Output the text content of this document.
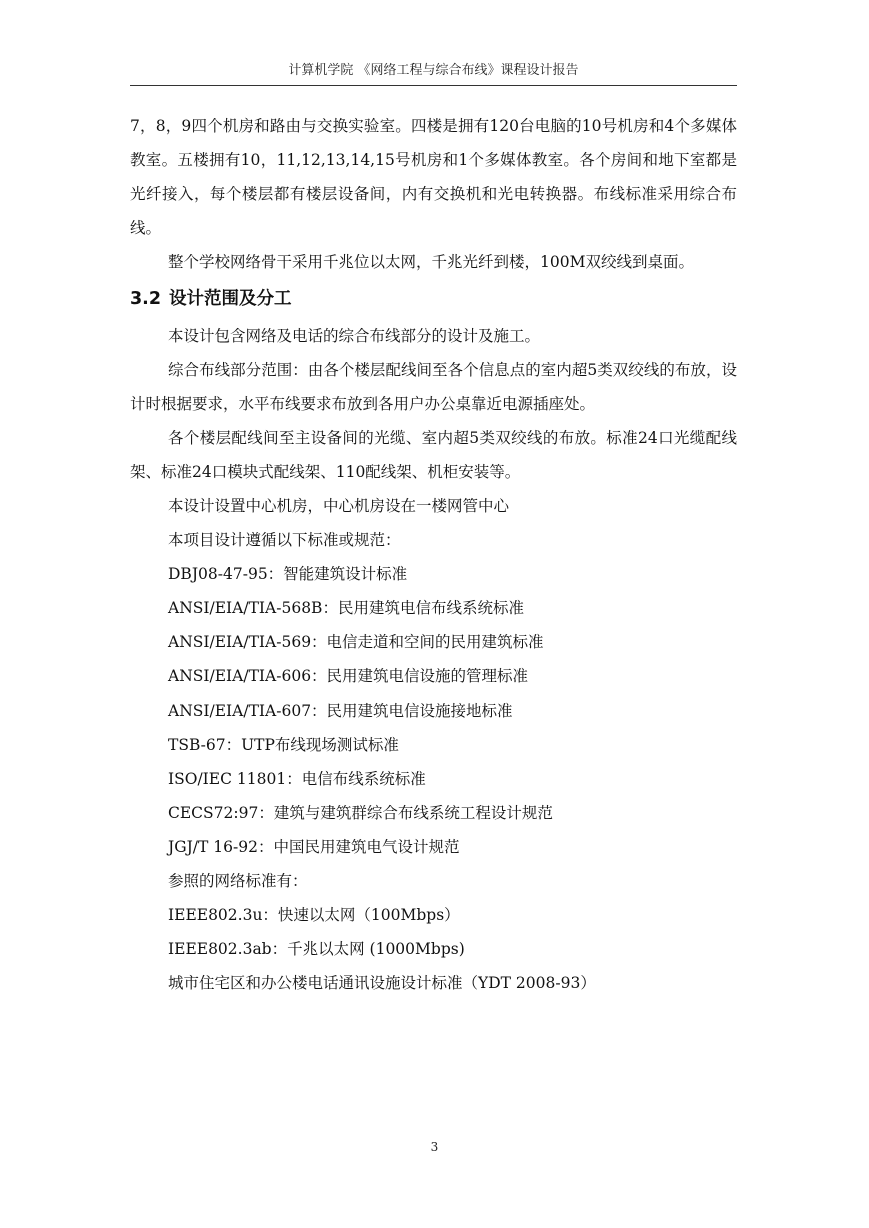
计算机学院 《网络工程与综合布线》课程设计报告

7，8，9四个机房和路由与交换实验室。四楼是拥有120台电脑的10号机房和4个多媒体教室。五楼拥有10，11,12,13,14,15号机房和1个多媒体教室。各个房间和地下室都是光纤接入，每个楼层都有楼层设备间，内有交换机和光电转换器。布线标准采用综合布线。

整个学校网络骨干采用千兆位以太网，千兆光纤到楼，100M双绞线到桌面。

3.2 设计范围及分工

本设计包含网络及电话的综合布线部分的设计及施工。

综合布线部分范围：由各个楼层配线间至各个信息点的室内超5类双绞线的布放，设计时根据要求，水平布线要求布放到各用户办公桌靠近电源插座处。

各个楼层配线间至主设备间的光缆、室内超5类双绞线的布放。标准24口光缆配线架、标准24口模块式配线架、110配线架、机柜安装等。

本设计设置中心机房，中心机房设在一楼网管中心
本项目设计遵循以下标准或规范：
DBJ08-47-95：智能建筑设计标准
ANSI/EIA/TIA-568B：民用建筑电信布线系统标准
ANSI/EIA/TIA-569：电信走道和空间的民用建筑标准
ANSI/EIA/TIA-606：民用建筑电信设施的管理标准
ANSI/EIA/TIA-607：民用建筑电信设施接地标准
TSB-67：UTP布线现场测试标准
ISO/IEC 11801：电信布线系统标准
CECS72:97：建筑与建筑群综合布线系统工程设计规范
JGJ/T 16-92：中国民用建筑电气设计规范
参照的网络标准有：
IEEE802.3u：快速以太网（100Mbps）
IEEE802.3ab：千兆以太网 (1000Mbps)
城市住宅区和办公楼电话通讯设施设计标准（YDT 2008-93）
3
